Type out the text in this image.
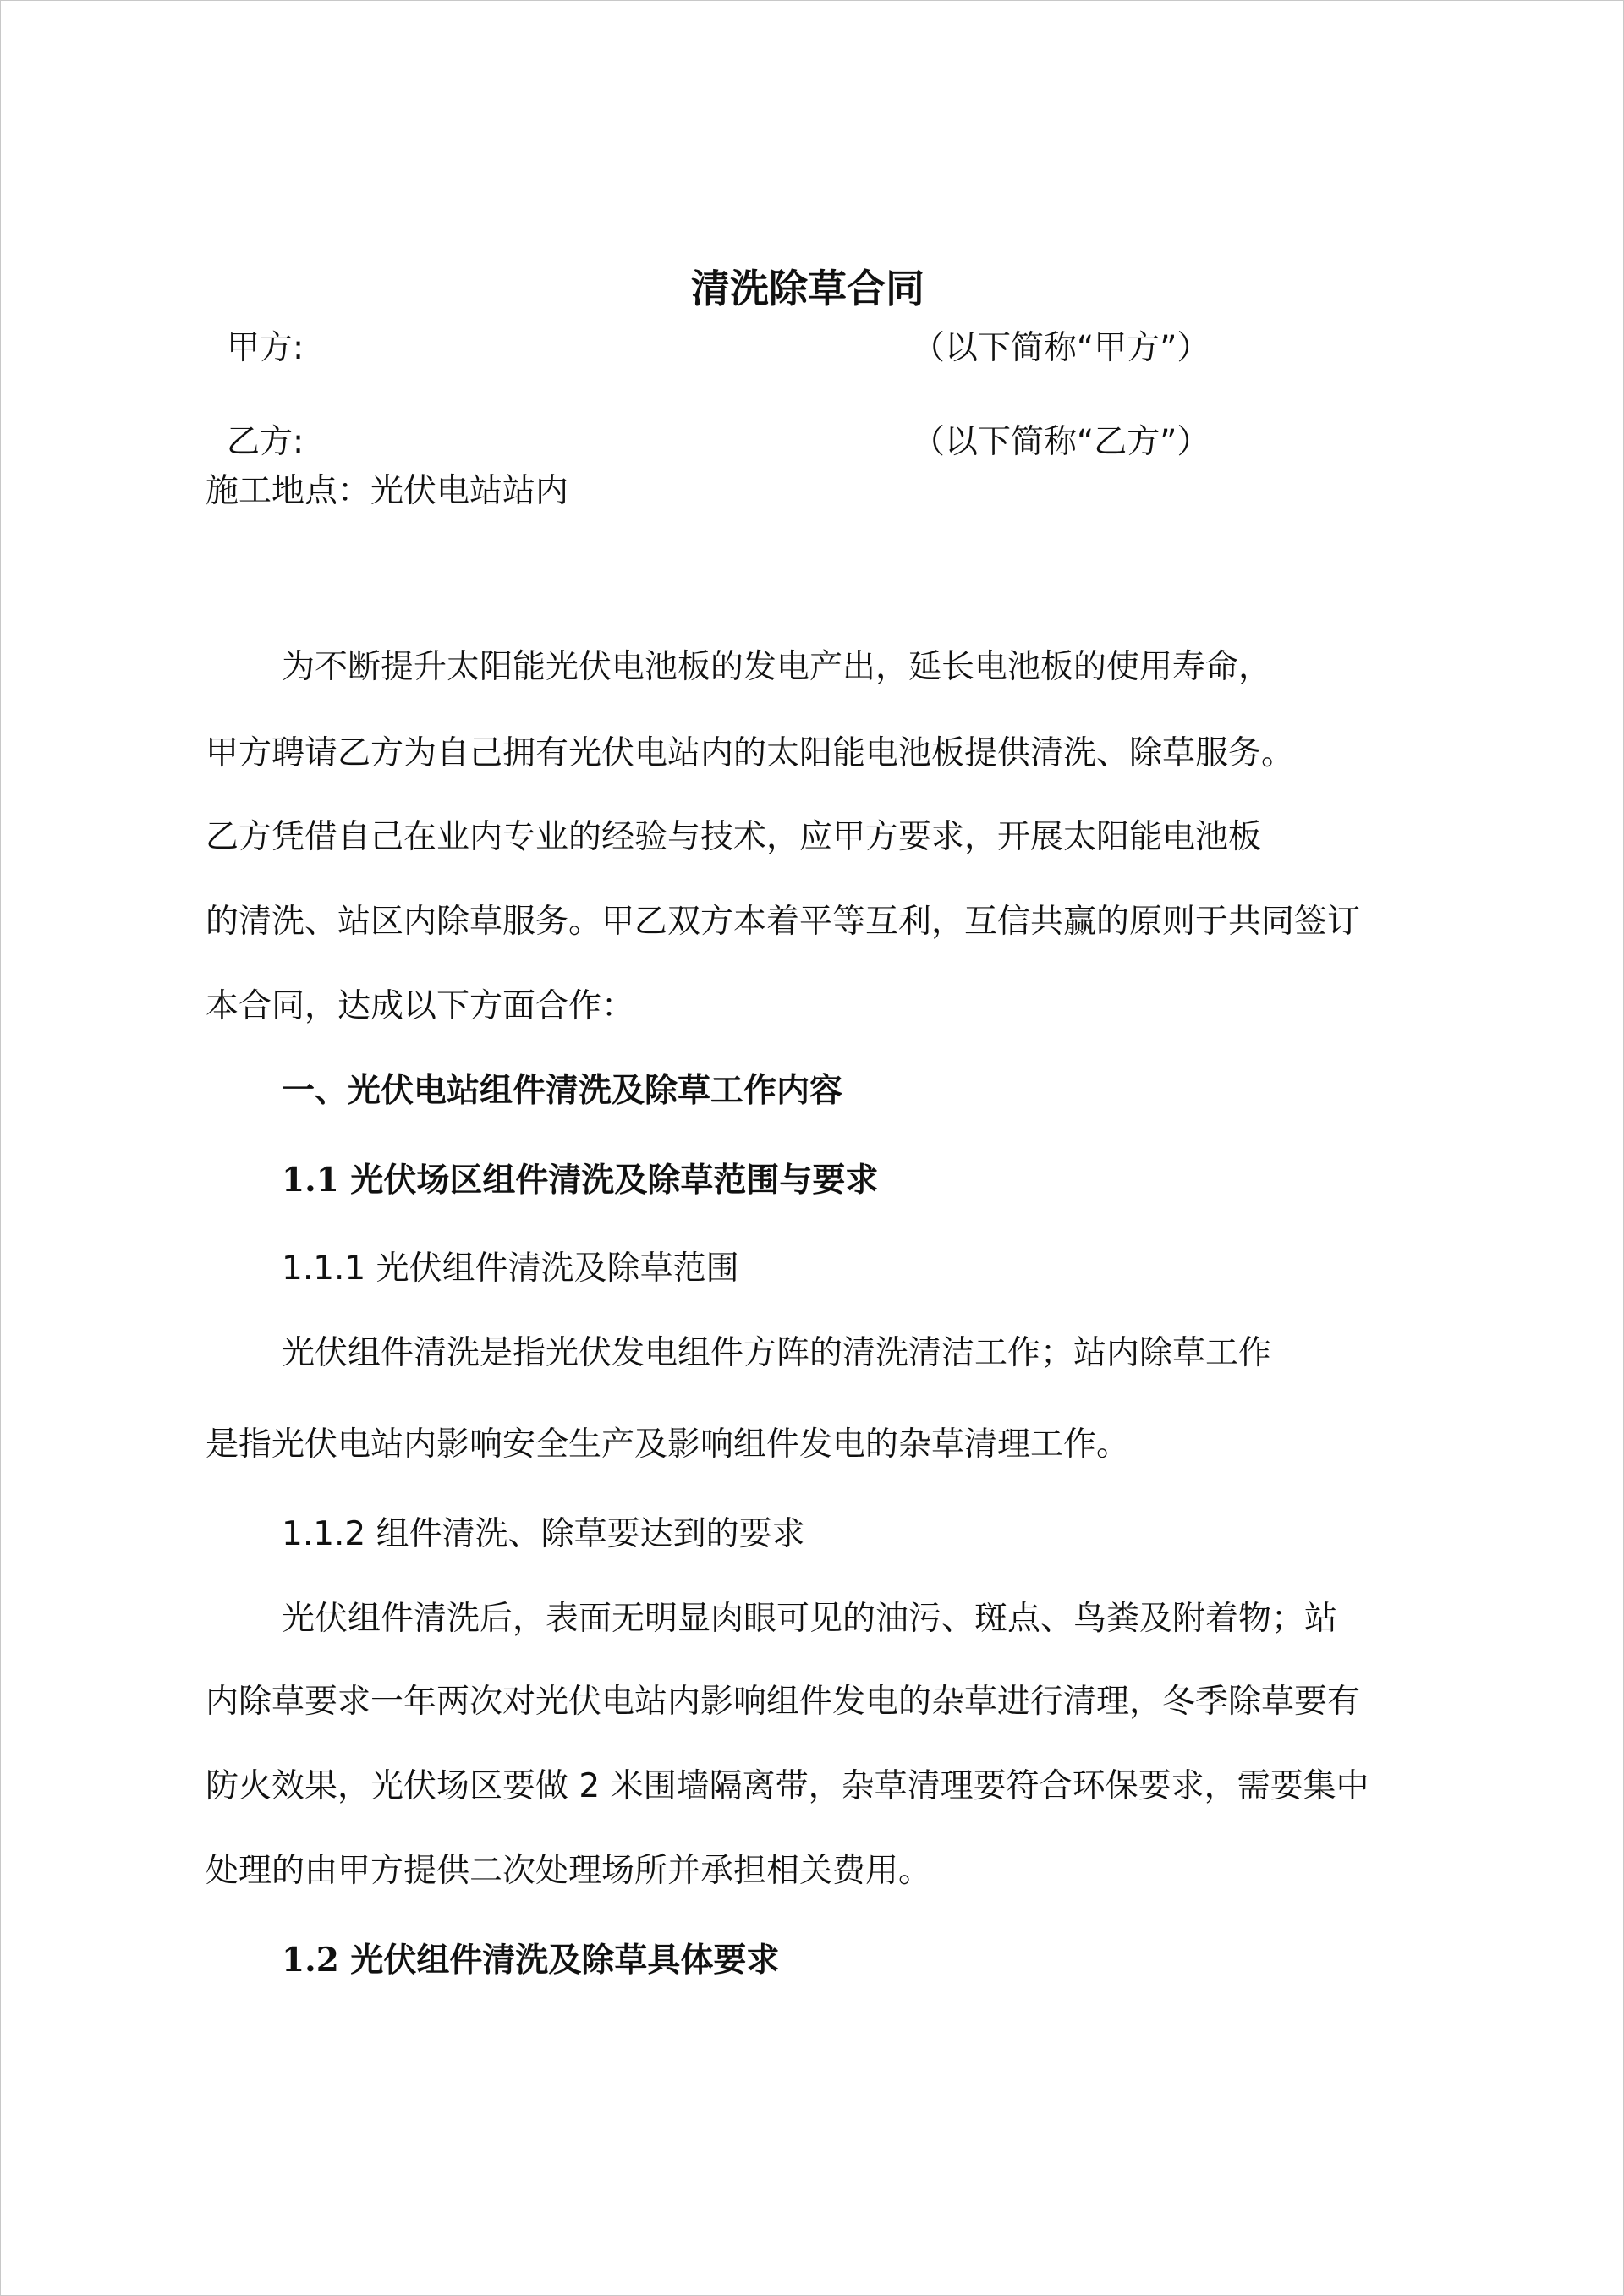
清洗除草合同
甲方:	（以下简称“甲方”）
乙方:	（以下简称“乙方”）
施工地点：光伏电站站内
为不断提升太阳能光伏电池板的发电产出，延长电池板的使用寿命，
甲方聘请乙方为自己拥有光伏电站内的太阳能电池板提供清洗、除草服务。
乙方凭借自己在业内专业的经验与技术，应甲方要求，开展太阳能电池板
的清洗、站区内除草服务。甲乙双方本着平等互利，互信共赢的原则于共同签订
本合同，达成以下方面合作：
一、光伏电站组件清洗及除草工作内容
1.1 光伏场区组件清洗及除草范围与要求
1.1.1 光伏组件清洗及除草范围
光伏组件清洗是指光伏发电组件方阵的清洗清洁工作；站内除草工作
是指光伏电站内影响安全生产及影响组件发电的杂草清理工作。
1.1.2 组件清洗、除草要达到的要求
光伏组件清洗后，表面无明显肉眼可见的油污、斑点、鸟粪及附着物；站
内除草要求一年两次对光伏电站内影响组件发电的杂草进行清理，冬季除草要有
防火效果，光伏场区要做 2 米围墙隔离带，杂草清理要符合环保要求，需要集中
处理的由甲方提供二次处理场所并承担相关费用。
1.2 光伏组件清洗及除草具体要求
